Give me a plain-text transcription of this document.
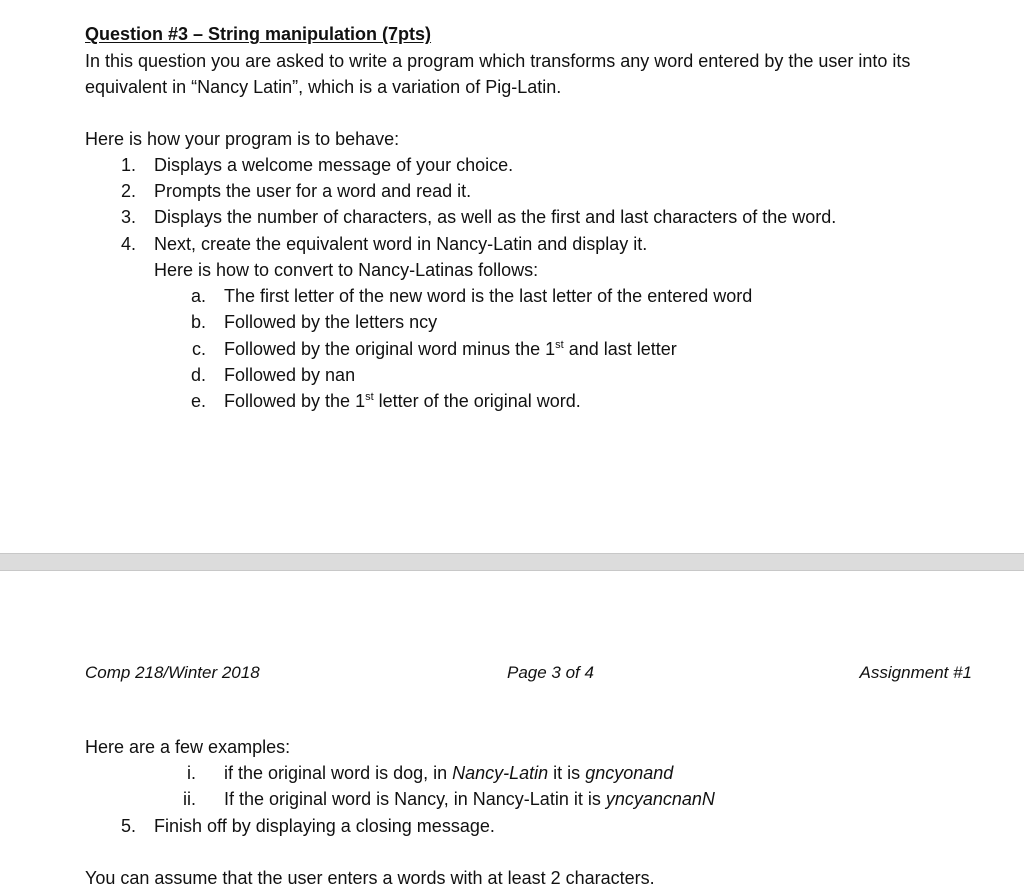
Question #3 – String manipulation (7pts)
In this question you are asked to write a program which transforms any word entered by the user into its
equivalent in “Nancy Latin”, which is a variation of Pig-Latin.
Here is how your program is to behave:
1. Displays a welcome message of your choice.
2. Prompts the user for a word and read it.
3. Displays the number of characters, as well as the first and last characters of the word.
4. Next, create the equivalent word in Nancy-Latin and display it.
Here is how to convert to Nancy-Latinas follows:
a. The first letter of the new word is the last letter of the entered word
b. Followed by the letters ncy
c. Followed by the original word minus the 1st and last letter
d. Followed by nan
e. Followed by the 1st letter of the original word.
Comp 218/Winter 2018	Page 3 of 4	Assignment #1
Here are a few examples:
i. if the original word is dog, in Nancy-Latin it is gncyonand
ii. If the original word is Nancy, in Nancy-Latin it is yncyancnanN
5. Finish off by displaying a closing message.
You can assume that the user enters a words with at least 2 characters.
